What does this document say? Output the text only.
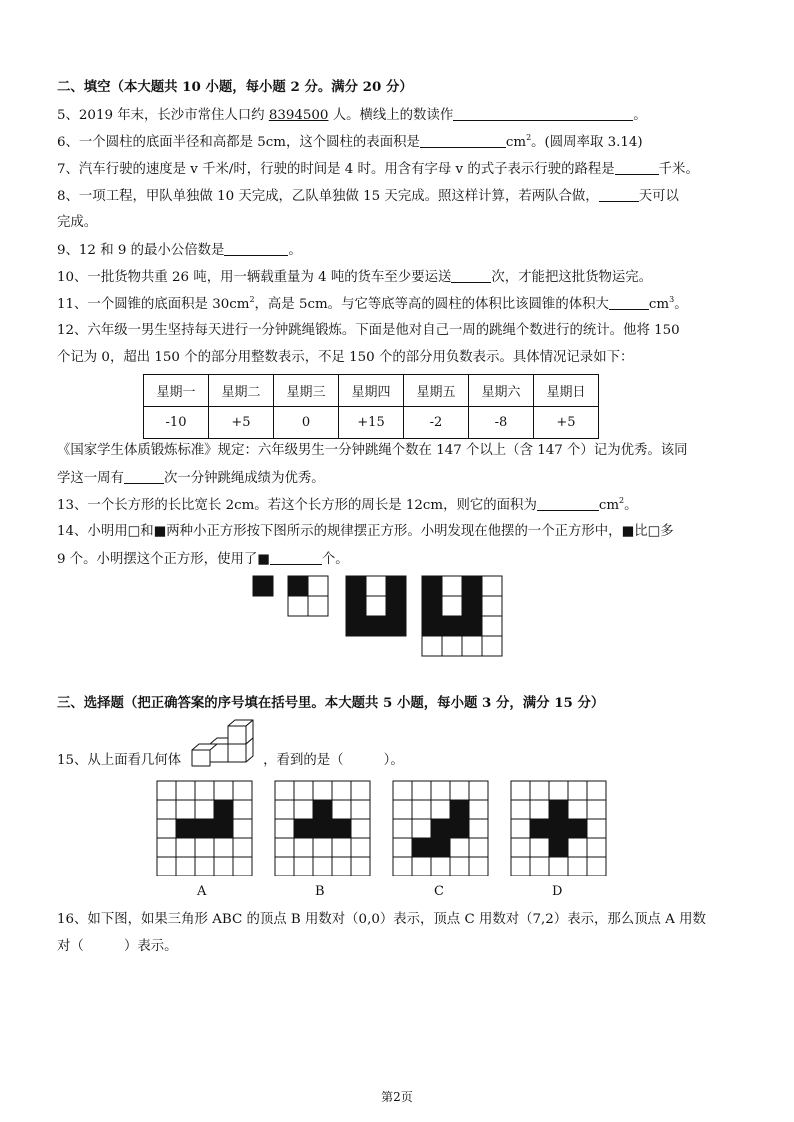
二、填空（本大题共 10 小题，每小题 2 分。满分 20 分）
5、2019 年末，长沙市常住人口约 8394500 人。横线上的数读作	。
6、一个圆柱的底面半径和高都是 5cm，这个圆柱的表面积是	$cm^2$。(圆周率取 3.14)
7、汽车行驶的速度是 v 千米/时，行驶的时间是 4 时。用含有字母 v 的式子表示行驶的路程是	千米。
8、一项工程，甲队单独做 10 天完成，乙队单独做 15 天完成。照这样计算，若两队合做，	天可以
完成。
9、12 和 9 的最小公倍数是	。
10、一批货物共重 26 吨，用一辆载重量为 4 吨的货车至少要运送	次，才能把这批货物运完。
11、一个圆锥的底面积是 $30cm^2$，高是 5cm。与它等底等高的圆柱的体积比该圆锥的体积大	$cm^3$。
12、六年级一男生坚持每天进行一分钟跳绳锻炼。下面是他对自己一周的跳绳个数进行的统计。他将 150
个记为 0，超出 150 个的部分用整数表示，不足 150 个的部分用负数表示。具体情况记录如下：
星期一	星期二	星期三	星期四	星期五	星期六	星期日
-10	+5	0	+15	-2	-8	+5
《国家学生体质锻炼标准》规定：六年级男生一分钟跳绳个数在 147 个以上（含 147 个）记为优秀。该同
学这一周有	次一分钟跳绳成绩为优秀。
13、一个长方形的长比宽长 2cm。若这个长方形的周长是 12cm，则它的面积为	$cm^2$。
14、小明用□和■两种小正方形按下图所示的规律摆正方形。小明发现在他摆的一个正方形中，■比□多
9 个。小明摆这个正方形，使用了■	个。
三、选择题（把正确答案的序号填在括号里。本大题共 5 小题，每小题 3 分，满分 15 分）
15、从上面看几何体	，看到的是（　　　）。
A	B	C	D
16、如下图，如果三角形 ABC 的顶点 B 用数对（0,0）表示，顶点 C 用数对（7,2）表示，那么顶点 A 用数
对（　　　）表示。
第2页
